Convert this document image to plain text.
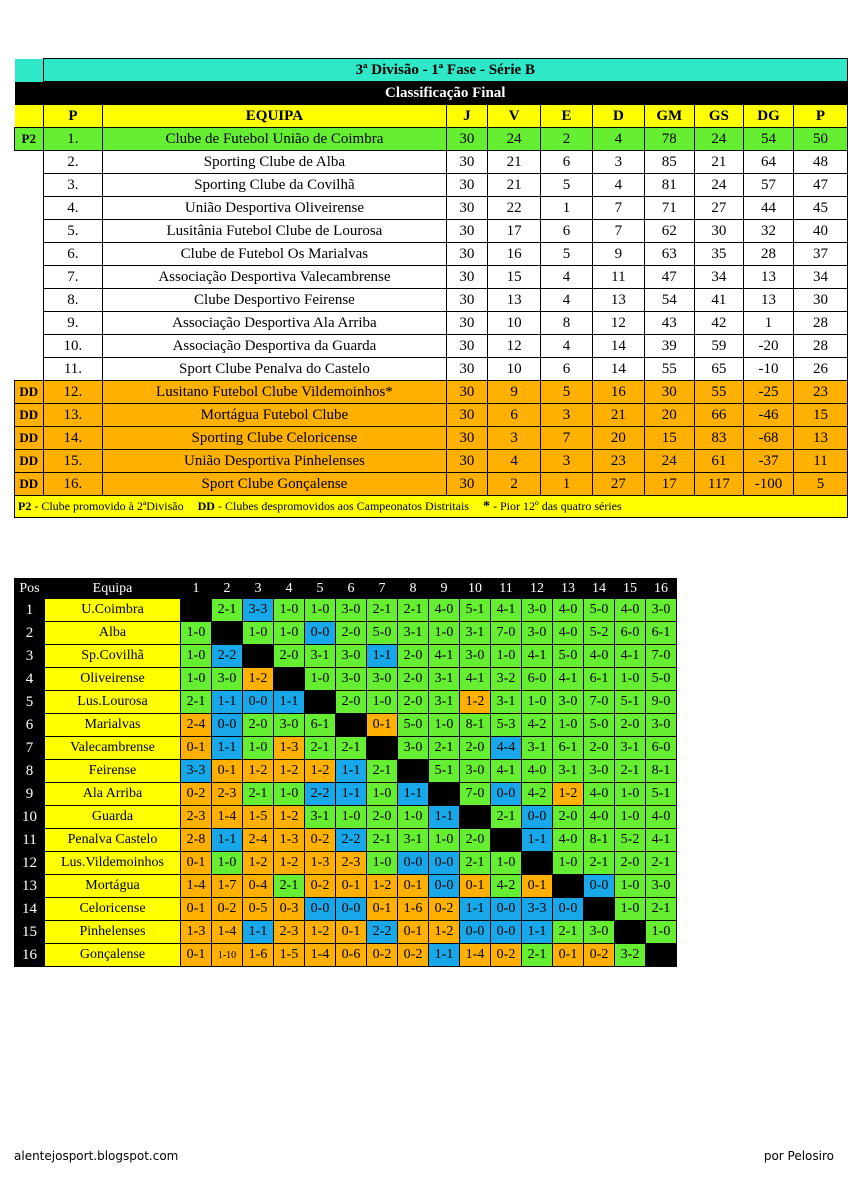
	3ª Divisão - 1ª Fase - Série B									
	Classificação Final									
	P	EQUIPA	J	V	E	D	GM	GS	DG	P
P2	1.	Clube de Futebol União de Coimbra	30	24	2	4	78	24	54	50
	2.	Sporting Clube de Alba	30	21	6	3	85	21	64	48
	3.	Sporting Clube da Covilhã	30	21	5	4	81	24	57	47
	4.	União Desportiva Oliveirense	30	22	1	7	71	27	44	45
	5.	Lusitânia Futebol Clube de Lourosa	30	17	6	7	62	30	32	40
	6.	Clube de Futebol Os Marialvas	30	16	5	9	63	35	28	37
	7.	Associação Desportiva Valecambrense	30	15	4	11	47	34	13	34
	8.	Clube Desportivo Feirense	30	13	4	13	54	41	13	30
	9.	Associação Desportiva Ala Arriba	30	10	8	12	43	42	1	28
	10.	Associação Desportiva da Guarda	30	12	4	14	39	59	-20	28
	11.	Sport Clube Penalva do Castelo	30	10	6	14	55	65	-10	26
DD	12.	Lusitano Futebol Clube Vildemoinhos*	30	9	5	16	30	55	-25	23
DD	13.	Mortágua Futebol Clube	30	6	3	21	20	66	-46	15
DD	14.	Sporting Clube Celoricense	30	3	7	20	15	83	-68	13
DD	15.	União Desportiva Pinhelenses	30	4	3	23	24	61	-37	11
DD	16.	Sport Clube Gonçalense	30	2	1	27	17	117	-100	5
P2 - Clube promovido à 2ªDivisão DD - Clubes despromovidos aos Campeonatos Distritais * - Pior 12º das quatro séries										
Pos	Equipa	1	2	3	4	5	6	7	8	9	10	11	12	13	14	15	16
1	U.Coimbra		2-1	3-3	1-0	1-0	3-0	2-1	2-1	4-0	5-1	4-1	3-0	4-0	5-0	4-0	3-0
2	Alba	1-0		1-0	1-0	0-0	2-0	5-0	3-1	1-0	3-1	7-0	3-0	4-0	5-2	6-0	6-1
3	Sp.Covilhã	1-0	2-2		2-0	3-1	3-0	1-1	2-0	4-1	3-0	1-0	4-1	5-0	4-0	4-1	7-0
4	Oliveirense	1-0	3-0	1-2		1-0	3-0	3-0	2-0	3-1	4-1	3-2	6-0	4-1	6-1	1-0	5-0
5	Lus.Lourosa	2-1	1-1	0-0	1-1		2-0	1-0	2-0	3-1	1-2	3-1	1-0	3-0	7-0	5-1	9-0
6	Marialvas	2-4	0-0	2-0	3-0	6-1		0-1	5-0	1-0	8-1	5-3	4-2	1-0	5-0	2-0	3-0
7	Valecambrense	0-1	1-1	1-0	1-3	2-1	2-1		3-0	2-1	2-0	4-4	3-1	6-1	2-0	3-1	6-0
8	Feirense	3-3	0-1	1-2	1-2	1-2	1-1	2-1		5-1	3-0	4-1	4-0	3-1	3-0	2-1	8-1
9	Ala Arriba	0-2	2-3	2-1	1-0	2-2	1-1	1-0	1-1		7-0	0-0	4-2	1-2	4-0	1-0	5-1
10	Guarda	2-3	1-4	1-5	1-2	3-1	1-0	2-0	1-0	1-1		2-1	0-0	2-0	4-0	1-0	4-0
11	Penalva Castelo	2-8	1-1	2-4	1-3	0-2	2-2	2-1	3-1	1-0	2-0		1-1	4-0	8-1	5-2	4-1
12	Lus.Vildemoinhos	0-1	1-0	1-2	1-2	1-3	2-3	1-0	0-0	0-0	2-1	1-0		1-0	2-1	2-0	2-1
13	Mortágua	1-4	1-7	0-4	2-1	0-2	0-1	1-2	0-1	0-0	0-1	4-2	0-1		0-0	1-0	3-0
14	Celoricense	0-1	0-2	0-5	0-3	0-0	0-0	0-1	1-6	0-2	1-1	0-0	3-3	0-0		1-0	2-1
15	Pinhelenses	1-3	1-4	1-1	2-3	1-2	0-1	2-2	0-1	1-2	0-0	0-0	1-1	2-1	3-0		1-0
16	Gonçalense	0-1	1-10	1-6	1-5	1-4	0-6	0-2	0-2	1-1	1-4	0-2	2-1	0-1	0-2	3-2	
alentejosport.blogspot.com	por Pelosiro
